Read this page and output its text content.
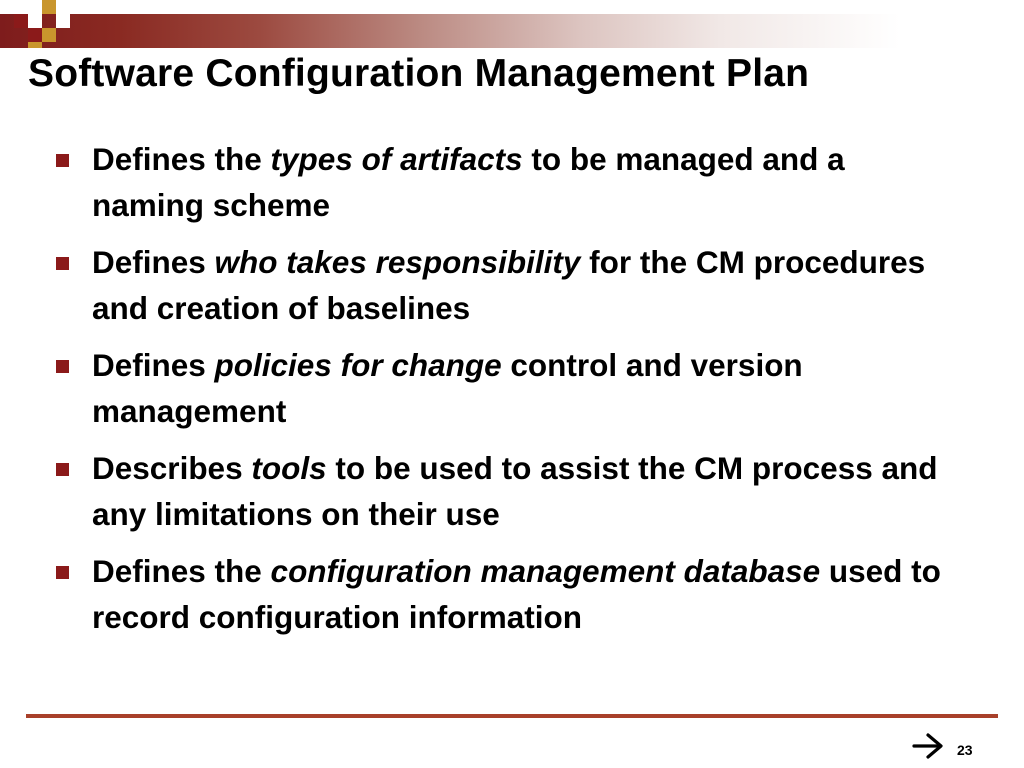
Software Configuration Management Plan
Defines the types of artifacts to be managed and a naming scheme
Defines who takes responsibility for the CM procedures and creation of baselines
Defines policies for change control and version management
Describes tools to be used to assist the CM process and any limitations on their use
Defines the configuration management database used to record configuration information
23
